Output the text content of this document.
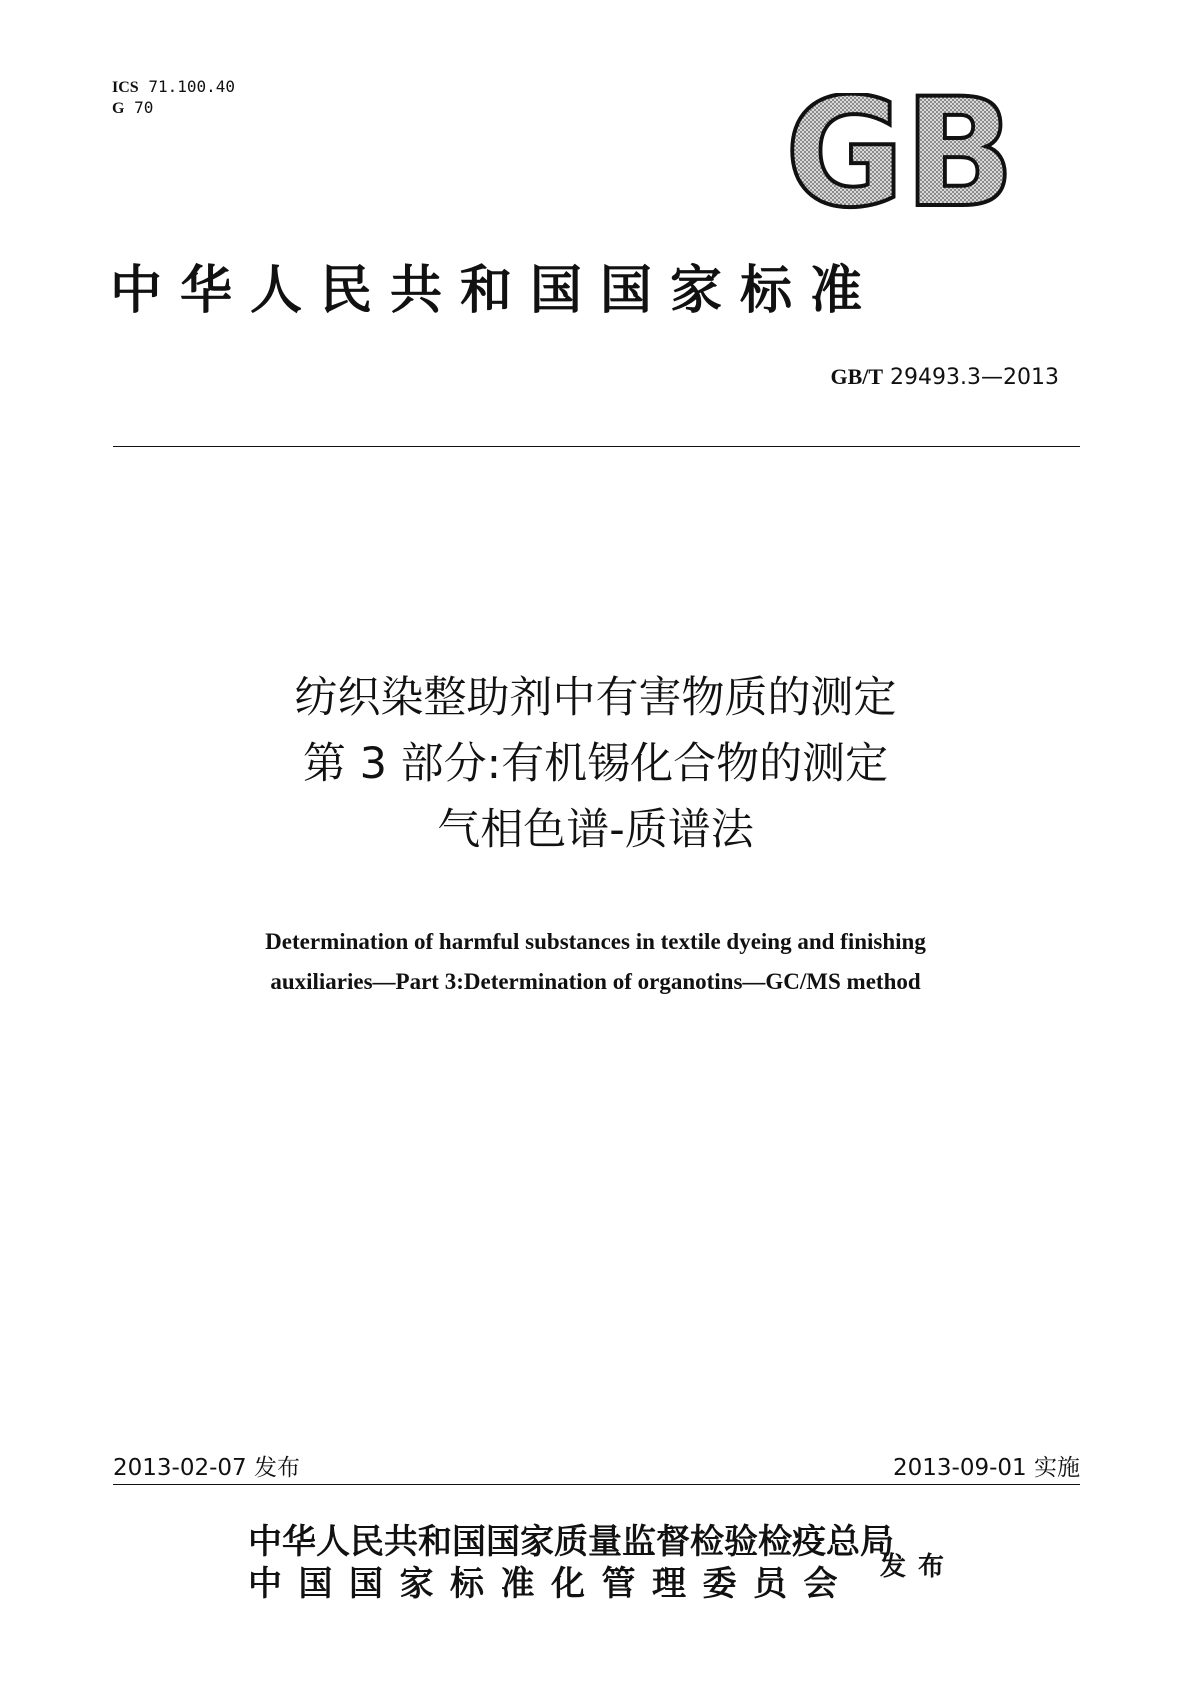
ICS 71.100.40
G 70	GB
中华人民共和国国家标准
GB/T 29493.3—2013
纺织染整助剂中有害物质的测定
第 3 部分:有机锡化合物的测定
气相色谱-质谱法
Determination of harmful substances in textile dyeing and finishing
auxiliaries—Part 3:Determination of organotins—GC/MS method
2013-02-07 发布	2013-09-01 实施
中华人民共和国国家质量监督检验检疫总局
中国国家标准化管理委员会	发布
